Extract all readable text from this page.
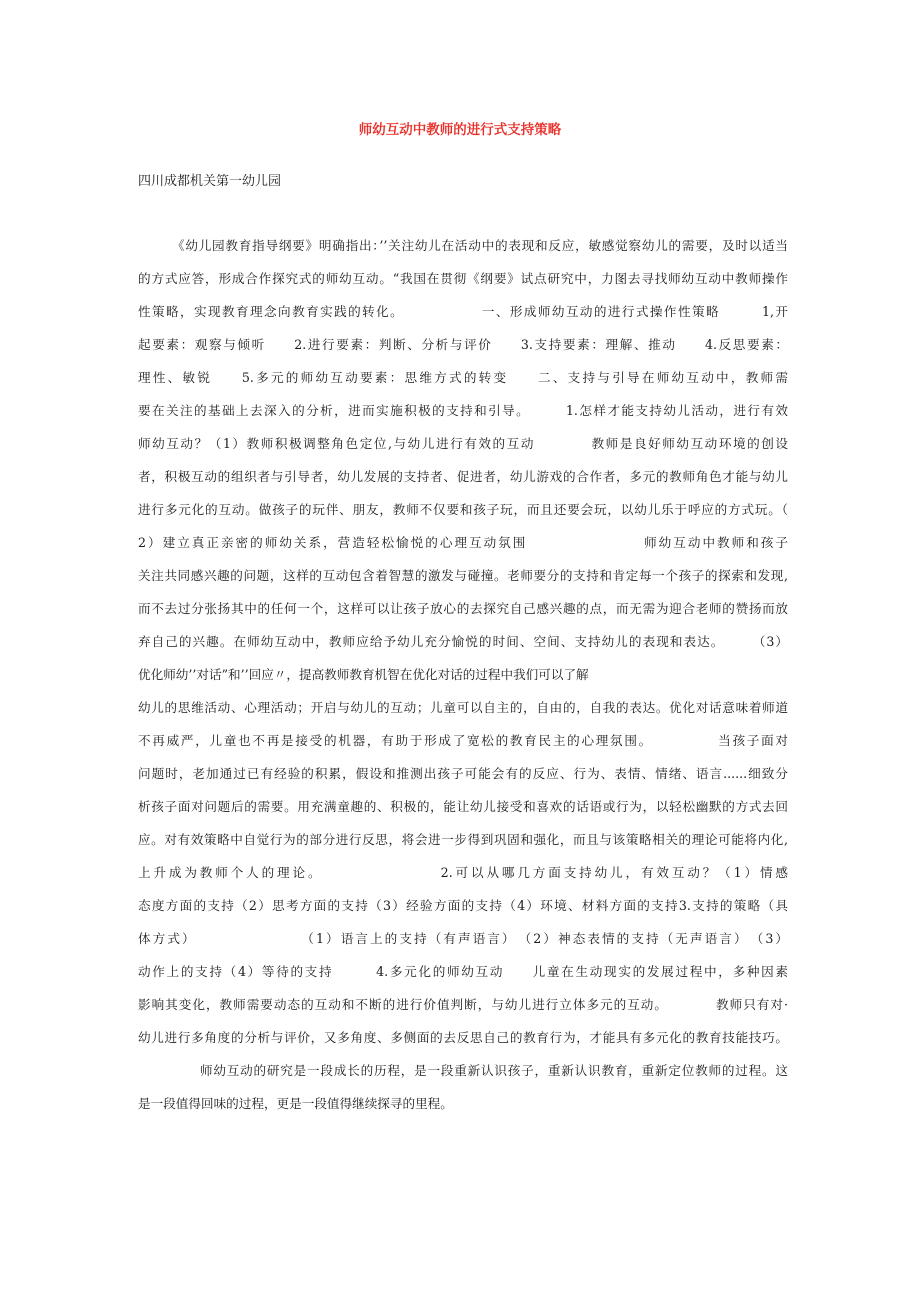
师幼互动中教师的进行式支持策略
四川成都机关第一幼儿园
《幼儿园教育指导纲要》明确指出：’’关注幼儿在活动中的表现和反应，敏感觉察幼儿的需要，及时以适当
的方式应答，形成合作探究式的师幼互动。“我国在贯彻《纲要》试点研究中，力图去寻找师幼互动中教师操作
性策略，实现教育理念向教育实践的转化。　　　　　　一、形成师幼互动的进行式操作性策略　　　1,开
起要素：观察与倾听　　2.进行要素：判断、分析与评价　　3.支持要素：理解、推动　　4.反思要素：
理性、敏锐　　5.多元的师幼互动要素：思维方式的转变　　二、支持与引导在师幼互动中，教师需
要在关注的基础上去深入的分析，进而实施积极的支持和引导。　　　1.怎样才能支持幼儿活动，进行有效
师幼互动？（1）教师积极调整角色定位,与幼儿进行有效的互动　　　　教师是良好师幼互动环境的创设
者，积极互动的组织者与引导者，幼儿发展的支持者、促进者，幼儿游戏的合作者，多元的教师角色才能与幼儿
进行多元化的互动。做孩子的玩伴、朋友，教师不仅要和孩子玩，而且还要会玩，以幼儿乐于呼应的方式玩。（
2）建立真正亲密的师幼关系，营造轻松愉悦的心理互动氛围　　　　　　　　师幼互动中教师和孩子
关注共同感兴趣的问题，这样的互动包含着智慧的激发与碰撞。老师要分的支持和肯定每一个孩子的探索和发现,
而不去过分张扬其中的任何一个，这样可以让孩子放心的去探究自己感兴趣的点，而无需为迎合老师的赞扬而放
弃自己的兴趣。在师幼互动中，教师应给予幼儿充分愉悦的时间、空间、支持幼儿的表现和表达。　　　（3）
优化师幼’’对话”和’’回应〃，提高教师教育机智在优化对话的过程中我们可以了解
幼儿的思维活动、心理活动；开启与幼儿的互动；儿童可以自主的，自由的，自我的表达。优化对话意味着师道
不再威严，儿童也不再是接受的机器，有助于形成了宽松的教育民主的心理氛围。　　　　　当孩子面对
问题时，老加通过已有经验的积累，假设和推测出孩子可能会有的反应、行为、表情、情绪、语言......细致分
析孩子面对问题后的需要。用充满童趣的、积极的，能让幼儿接受和喜欢的话语或行为，以轻松幽默的方式去回
应。对有效策略中自觉行为的部分进行反思，将会进一步得到巩固和强化，而且与该策略相关的理论可能将内化,
上升成为教师个人的理论。　　　　　　　　2.可以从哪几方面支持幼儿，有效互动？（1）情感
态度方面的支持（2）思考方面的支持（3）经验方面的支持（4）环境、材料方面的支持3.支持的策略（具
体方式）　　　　　　　　（1）语言上的支持（有声语言）　（2）神态表情的支持（无声语言）　（3）
动作上的支持（4）等待的支持　　　4.多元化的师幼互动　　儿童在生动现实的发展过程中，多种因素
影响其变化，教师需要动态的互动和不断的进行价值判断，与幼儿进行立体多元的互动。　　　　教师只有对·
幼儿进行多角度的分析与评价，又多角度、多侧面的去反思自己的教育行为，才能具有多元化的教育技能技巧。
师幼互动的研究是一段成长的历程，是一段重新认识孩子，重新认识教育，重新定位教师的过程。这
是一段值得回味的过程，更是一段值得继续探寻的里程。
